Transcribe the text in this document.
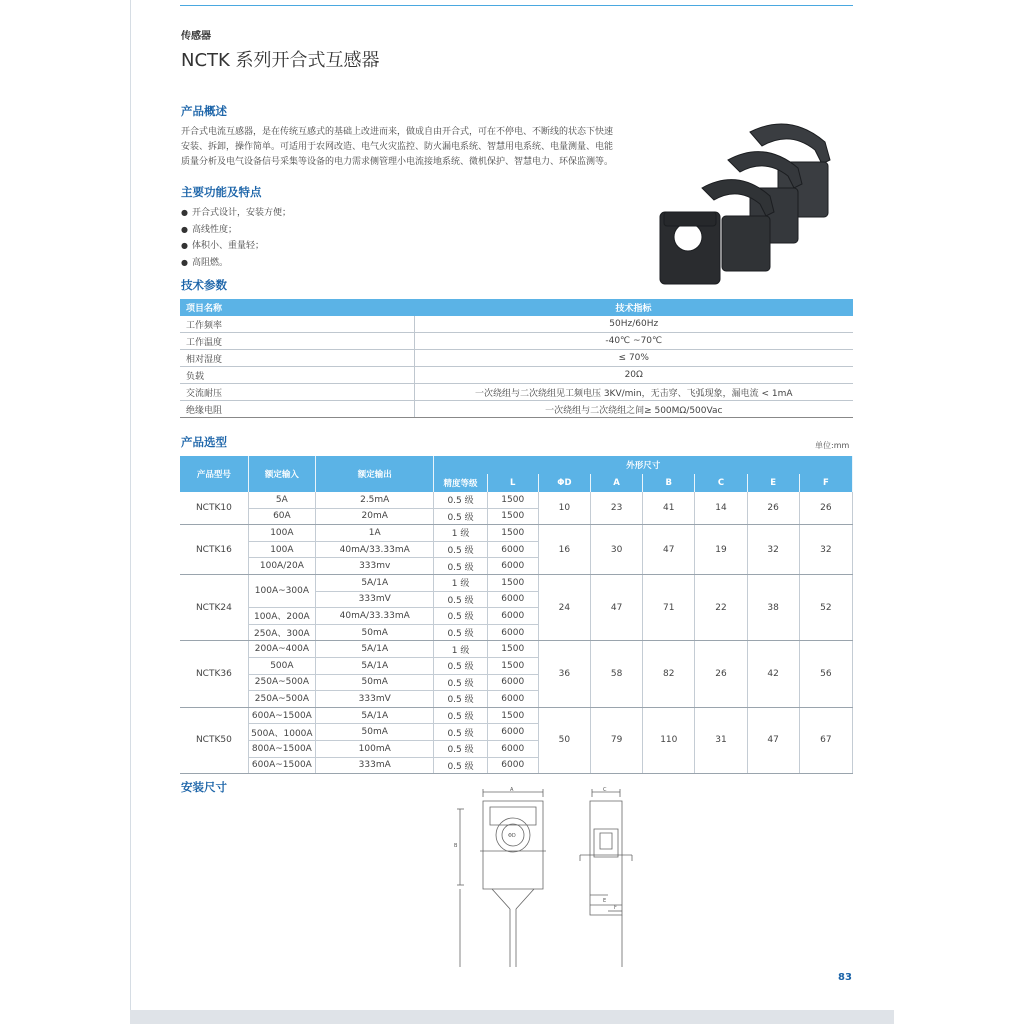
传感器
NCTK 系列开合式互感器
产品概述
开合式电流互感器，是在传统互感式的基础上改进而来，做成自由开合式，可在不停电、不断线的状态下快速
安装、拆卸，操作简单。可适用于农网改造、电气火灾监控、防火漏电系统、智慧用电系统、电量测量、电能
质量分析及电气设备信号采集等设备的电力需求侧管理小电流接地系统、微机保护、智慧电力、环保监测等。
主要功能及特点
● 开合式设计，安装方便；
● 高线性度；
● 体积小、重量轻；
● 高阻燃。
技术参数
项目名称	技术指标
工作频率	50Hz/60Hz
工作温度	-40℃ ~70℃
相对湿度	≤ 70%
负载	20Ω
交流耐压	一次绕组与二次绕组见工频电压 3KV/min，无击穿、飞弧现象，漏电流 < 1mA
绝缘电阻	一次绕组与二次绕组之间≥ 500MΩ/500Vac
产品选型	单位:mm
产品型号	额定输入	额定输出	外形尺寸							
			精度等级	L	ΦD	A	B	C	E	F
NCTK10	5A	2.5mA	0.5 级	1500	10	23	41	14	26	26
	60A	20mA	0.5 级	1500						
NCTK16	100A	1A	1 级	1500	16	30	47	19	32	32
	100A	40mA/33.33mA	0.5 级	6000						
	100A/20A	333mv	0.5 级	6000						
NCTK24	100A~300A	5A/1A	1 级	1500	24	47	71	22	38	52
		333mV	0.5 级	6000						
	100A、200A	40mA/33.33mA	0.5 级	6000						
	250A、300A	50mA	0.5 级	6000						
NCTK36	200A~400A	5A/1A	1 级	1500	36	58	82	26	42	56
	500A	5A/1A	0.5 级	1500						
	250A~500A	50mA	0.5 级	6000						
	250A~500A	333mV	0.5 级	6000						
NCTK50	600A~1500A	5A/1A	0.5 级	1500	50	79	110	31	47	67
	500A、1000A	50mA	0.5 级	6000						
	800A~1500A	100mA	0.5 级	6000						
	600A~1500A	333mA	0.5 级	6000						
安装尺寸	A
B
ΦD
C
E
F
83
